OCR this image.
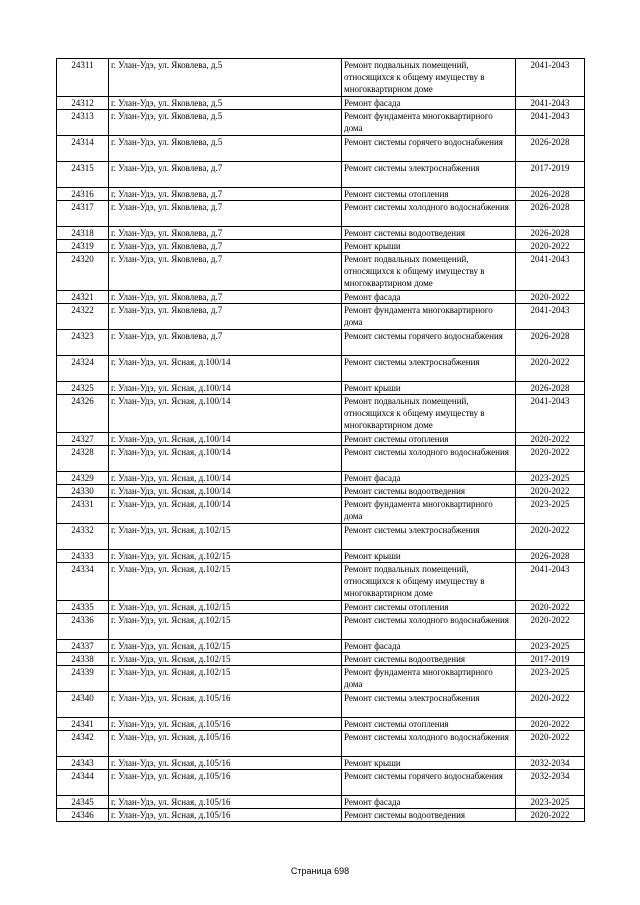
24311	г. Улан-Удэ, ул. Яковлева, д.5	Ремонт подвальных помещений, относящихся к общему имуществу в многоквартирном доме	2041-2043
24312	г. Улан-Удэ, ул. Яковлева, д.5	Ремонт фасада	2041-2043
24313	г. Улан-Удэ, ул. Яковлева, д.5	Ремонт фундамента многоквартирного дома	2041-2043
24314	г. Улан-Удэ, ул. Яковлева, д.5	Ремонт системы горячего водоснабжения	2026-2028
24315	г. Улан-Удэ, ул. Яковлева, д.7	Ремонт системы электроснабжения	2017-2019
24316	г. Улан-Удэ, ул. Яковлева, д.7	Ремонт системы отопления	2026-2028
24317	г. Улан-Удэ, ул. Яковлева, д.7	Ремонт системы холодного водоснабжения	2026-2028
24318	г. Улан-Удэ, ул. Яковлева, д.7	Ремонт системы водоотведения	2026-2028
24319	г. Улан-Удэ, ул. Яковлева, д.7	Ремонт крыши	2020-2022
24320	г. Улан-Удэ, ул. Яковлева, д.7	Ремонт подвальных помещений, относящихся к общему имуществу в многоквартирном доме	2041-2043
24321	г. Улан-Удэ, ул. Яковлева, д.7	Ремонт фасада	2020-2022
24322	г. Улан-Удэ, ул. Яковлева, д.7	Ремонт фундамента многоквартирного дома	2041-2043
24323	г. Улан-Удэ, ул. Яковлева, д.7	Ремонт системы горячего водоснабжения	2026-2028
24324	г. Улан-Удэ, ул. Ясная, д.100/14	Ремонт системы электроснабжения	2020-2022
24325	г. Улан-Удэ, ул. Ясная, д.100/14	Ремонт крыши	2026-2028
24326	г. Улан-Удэ, ул. Ясная, д.100/14	Ремонт подвальных помещений, относящихся к общему имуществу в многоквартирном доме	2041-2043
24327	г. Улан-Удэ, ул. Ясная, д.100/14	Ремонт системы отопления	2020-2022
24328	г. Улан-Удэ, ул. Ясная, д.100/14	Ремонт системы холодного водоснабжения	2020-2022
24329	г. Улан-Удэ, ул. Ясная, д.100/14	Ремонт фасада	2023-2025
24330	г. Улан-Удэ, ул. Ясная, д.100/14	Ремонт системы водоотведения	2020-2022
24331	г. Улан-Удэ, ул. Ясная, д.100/14	Ремонт фундамента многоквартирного дома	2023-2025
24332	г. Улан-Удэ, ул. Ясная, д.102/15	Ремонт системы электроснабжения	2020-2022
24333	г. Улан-Удэ, ул. Ясная, д.102/15	Ремонт крыши	2026-2028
24334	г. Улан-Удэ, ул. Ясная, д.102/15	Ремонт подвальных помещений, относящихся к общему имуществу в многоквартирном доме	2041-2043
24335	г. Улан-Удэ, ул. Ясная, д.102/15	Ремонт системы отопления	2020-2022
24336	г. Улан-Удэ, ул. Ясная, д.102/15	Ремонт системы холодного водоснабжения	2020-2022
24337	г. Улан-Удэ, ул. Ясная, д.102/15	Ремонт фасада	2023-2025
24338	г. Улан-Удэ, ул. Ясная, д.102/15	Ремонт системы водоотведения	2017-2019
24339	г. Улан-Удэ, ул. Ясная, д.102/15	Ремонт фундамента многоквартирного дома	2023-2025
24340	г. Улан-Удэ, ул. Ясная, д.105/16	Ремонт системы электроснабжения	2020-2022
24341	г. Улан-Удэ, ул. Ясная, д.105/16	Ремонт системы отопления	2020-2022
24342	г. Улан-Удэ, ул. Ясная, д.105/16	Ремонт системы холодного водоснабжения	2020-2022
24343	г. Улан-Удэ, ул. Ясная, д.105/16	Ремонт крыши	2032-2034
24344	г. Улан-Удэ, ул. Ясная, д.105/16	Ремонт системы горячего водоснабжения	2032-2034
24345	г. Улан-Удэ, ул. Ясная, д.105/16	Ремонт фасада	2023-2025
24346	г. Улан-Удэ, ул. Ясная, д.105/16	Ремонт системы водоотведения	2020-2022
Страница 698
